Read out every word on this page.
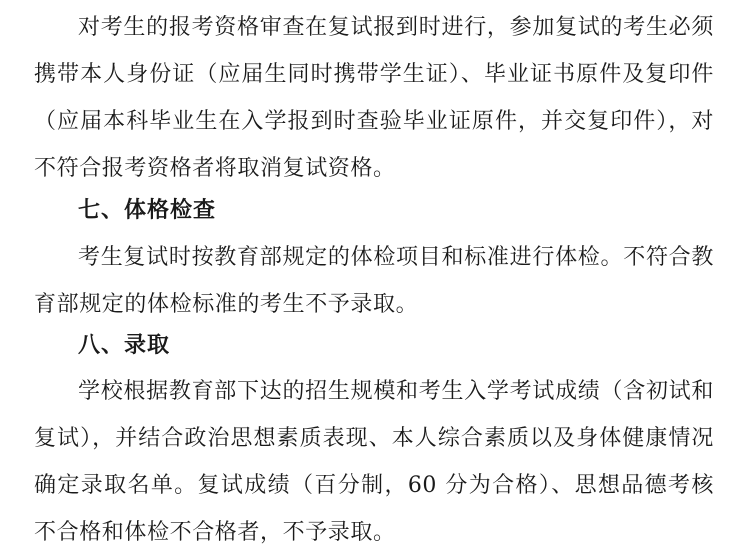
对考生的报考资格审查在复试报到时进行，参加复试的考生必须携带本人身份证（应届生同时携带学生证）、毕业证书原件及复印件（应届本科毕业生在入学报到时查验毕业证原件，并交复印件），对不符合报考资格者将取消复试资格。

七、体格检查

考生复试时按教育部规定的体检项目和标准进行体检。不符合教育部规定的体检标准的考生不予录取。

八、录取

学校根据教育部下达的招生规模和考生入学考试成绩（含初试和复试），并结合政治思想素质表现、本人综合素质以及身体健康情况确定录取名单。复试成绩（百分制，60 分为合格）、思想品德考核不合格和体检不合格者，不予录取。
